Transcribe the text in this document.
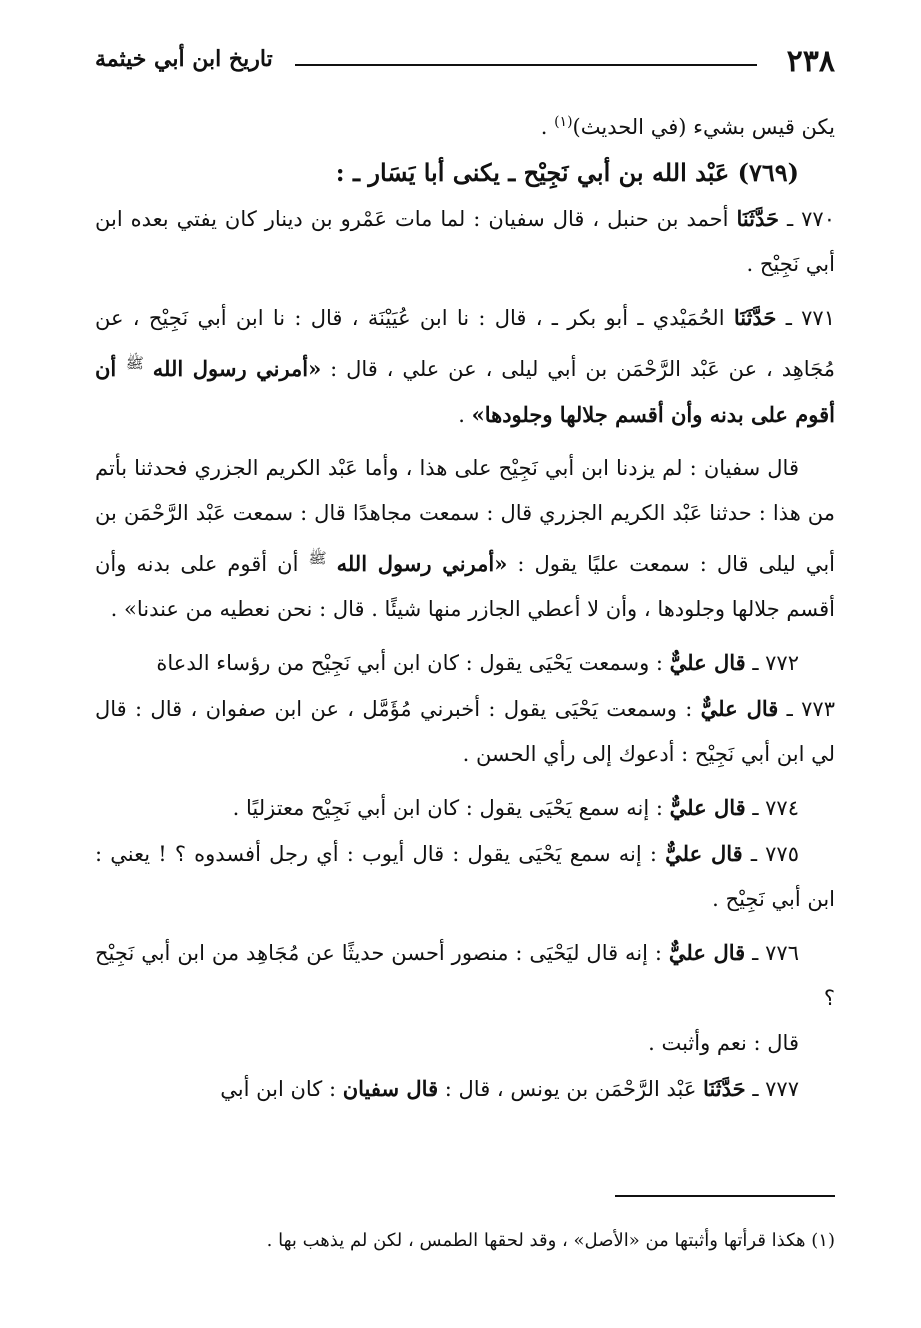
٢٣٨
تاريخ ابن أبي خيثمة

يكن قيس بشيء (في الحديث)$^{(١)}$ .

(٧٦٩) عَبْد الله بن أبي نَجِيْح ـ يكنى أبا يَسَار ـ :

٧٧٠ ـ حَدَّثَنَا أحمد بن حنبل ، قال سفيان : لما مات عَمْرو بن دينار كان يفتي بعده ابن أبي نَجِيْح .

٧٧١ ـ حَدَّثَنَا الحُمَيْدي ـ أبو بكر ـ ، قال : نا ابن عُيَيْنَة ، قال : نا ابن أبي نَجِيْح ، عن مُجَاهِد ، عن عَبْد الرَّحْمَن بن أبي ليلى ، عن علي ، قال : «أمرني رسول الله $^ﷺ$ أن أقوم على بدنه وأن أقسم جلالها وجلودها» .

قال سفيان : لم يزدنا ابن أبي نَجِيْح على هذا ، وأما عَبْد الكريم الجزري فحدثنا بأتم من هذا : حدثنا عَبْد الكريم الجزري قال : سمعت مجاهدًا قال : سمعت عَبْد الرَّحْمَن بن أبي ليلى قال : سمعت عليًا يقول : «أمرني رسول الله $^ﷺ$ أن أقوم على بدنه وأن أقسم جلالها وجلودها ، وأن لا أعطي الجازر منها شيئًا . قال : نحن نعطيه من عندنا» .

٧٧٢ ـ قال عليٌّ : وسمعت يَحْيَى يقول : كان ابن أبي نَجِيْح من رؤساء الدعاة

٧٧٣ ـ قال عليٌّ : وسمعت يَحْيَى يقول : أخبرني مُؤَمَّل ، عن ابن صفوان ، قال : قال لي ابن أبي نَجِيْح : أدعوك إلى رأي الحسن .

٧٧٤ ـ قال عليٌّ : إنه سمع يَحْيَى يقول : كان ابن أبي نَجِيْح معتزليًا .

٧٧٥ ـ قال عليٌّ : إنه سمع يَحْيَى يقول : قال أيوب : أي رجل أفسدوه ؟ ! يعني : ابن أبي نَجِيْح .

٧٧٦ ـ قال عليٌّ : إنه قال ليَحْيَى : منصور أحسن حديثًا عن مُجَاهِد من ابن أبي نَجِيْح ؟

قال : نعم وأثبت .

٧٧٧ ـ حَدَّثَنَا عَبْد الرَّحْمَن بن يونس ، قال : قال سفيان : كان ابن أبي

(١) هكذا قرأتها وأثبتها من «الأصل» ، وقد لحقها الطمس ، لكن لم يذهب بها .
